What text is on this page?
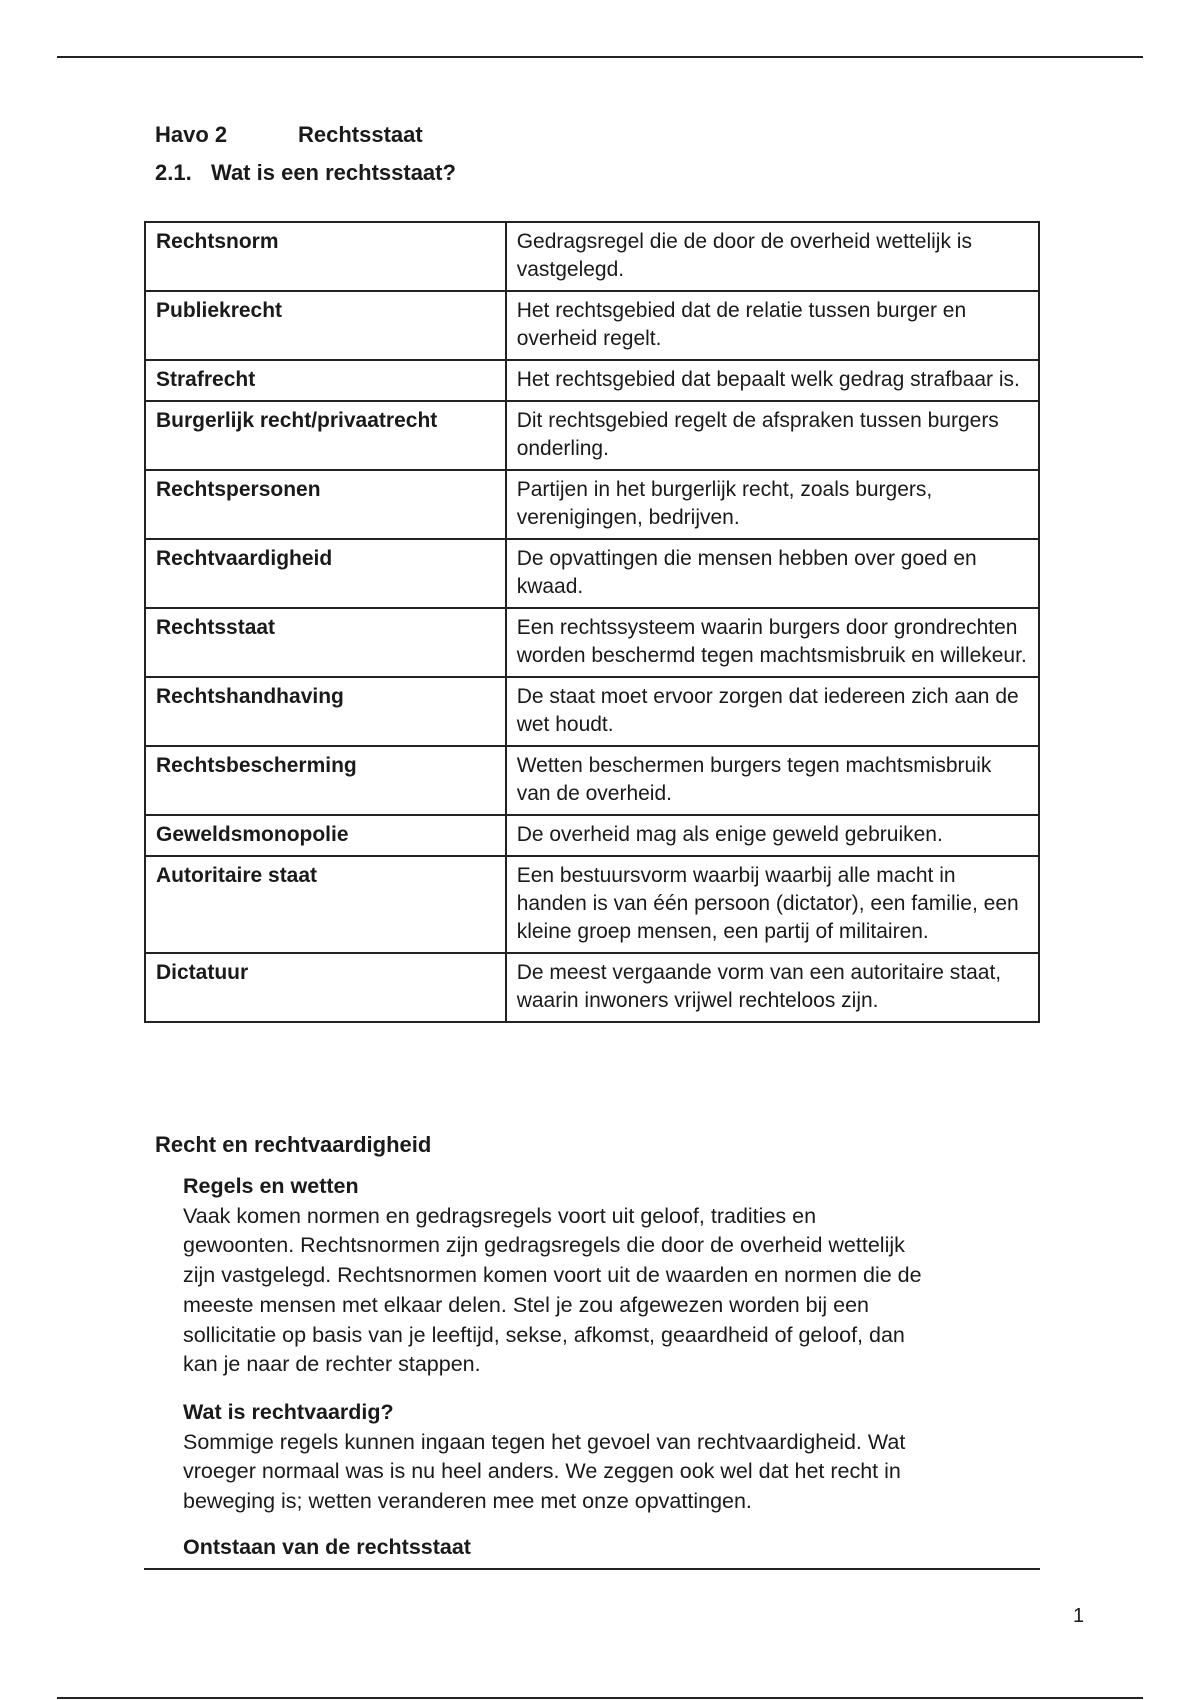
Havo 2	Rechtsstaat
2.1. Wat is een rechtsstaat?
Rechtsnorm	Gedragsregel die de door de overheid wettelijk is vastgelegd.
Publiekrecht	Het rechtsgebied dat de relatie tussen burger en overheid regelt.
Strafrecht	Het rechtsgebied dat bepaalt welk gedrag strafbaar is.
Burgerlijk recht/privaatrecht	Dit rechtsgebied regelt de afspraken tussen burgers onderling.
Rechtspersonen	Partijen in het burgerlijk recht, zoals burgers, verenigingen, bedrijven.
Rechtvaardigheid	De opvattingen die mensen hebben over goed en kwaad.
Rechtsstaat	Een rechtssysteem waarin burgers door grondrechten worden beschermd tegen machtsmisbruik en willekeur.
Rechtshandhaving	De staat moet ervoor zorgen dat iedereen zich aan de wet houdt.
Rechtsbescherming	Wetten beschermen burgers tegen machtsmisbruik van de overheid.
Geweldsmonopolie	De overheid mag als enige geweld gebruiken.
Autoritaire staat	Een bestuursvorm waarbij waarbij alle macht in handen is van één persoon (dictator), een familie, een kleine groep mensen, een partij of militairen.
Dictatuur	De meest vergaande vorm van een autoritaire staat, waarin inwoners vrijwel rechteloos zijn.
Recht en rechtvaardigheid
Regels en wetten
Vaak komen normen en gedragsregels voort uit geloof, tradities en
gewoonten. Rechtsnormen zijn gedragsregels die door de overheid wettelijk
zijn vastgelegd. Rechtsnormen komen voort uit de waarden en normen die de
meeste mensen met elkaar delen. Stel je zou afgewezen worden bij een
sollicitatie op basis van je leeftijd, sekse, afkomst, geaardheid of geloof, dan
kan je naar de rechter stappen.
Wat is rechtvaardig?
Sommige regels kunnen ingaan tegen het gevoel van rechtvaardigheid. Wat
vroeger normaal was is nu heel anders. We zeggen ook wel dat het recht in
beweging is; wetten veranderen mee met onze opvattingen.
Ontstaan van de rechtsstaat
1
